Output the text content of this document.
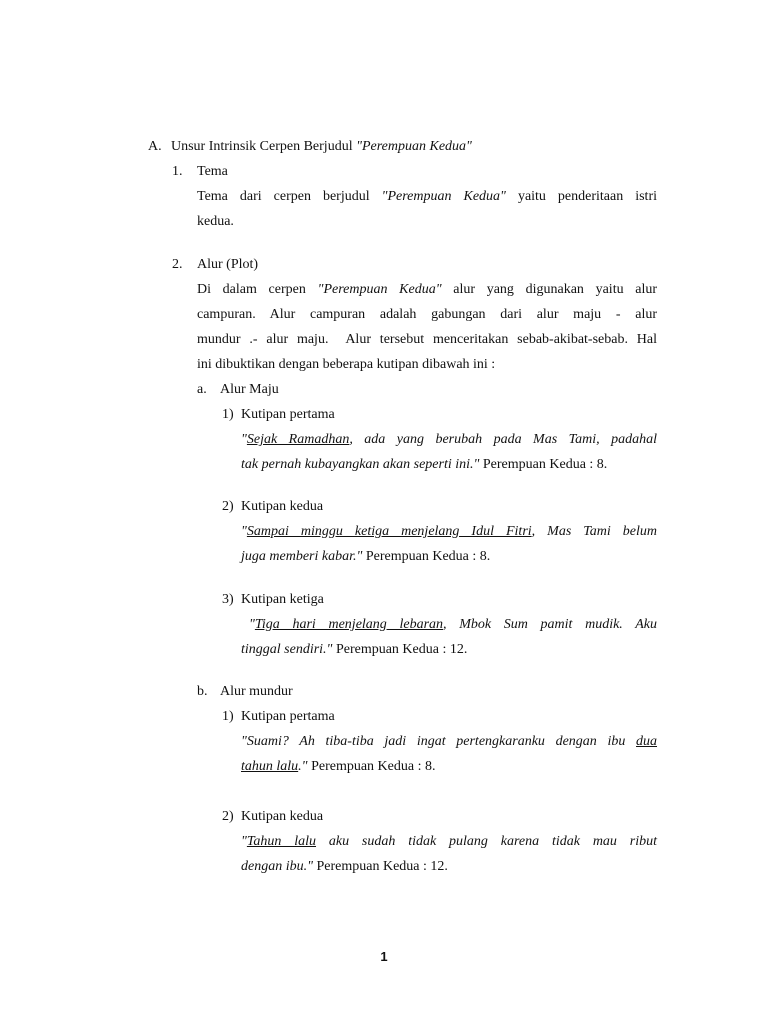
A. Unsur Intrinsik Cerpen Berjudul "Perempuan Kedua"
1. Tema
Tema dari cerpen berjudul "Perempuan Kedua" yaitu penderitaan istri
kedua.
2. Alur (Plot)
Di dalam cerpen "Perempuan Kedua" alur yang digunakan yaitu alur
campuran.  Alur  campuran  adalah  gabungan  dari  alur  maju  -  alur
mundur .- alur maju.  Alur tersebut menceritakan sebab-akibat-sebab. Hal
ini dibuktikan dengan beberapa kutipan dibawah ini :
a. Alur Maju
1) Kutipan pertama
"Sejak Ramadhan, ada yang berubah pada Mas Tami, padahal
tak pernah kubayangkan akan seperti ini." Perempuan Kedua : 8.
2) Kutipan kedua
"Sampai minggu ketiga menjelang Idul Fitri, Mas Tami belum
juga memberi kabar." Perempuan Kedua : 8.
3) Kutipan ketiga
"Tiga hari menjelang lebaran, Mbok Sum pamit mudik. Aku
tinggal sendiri." Perempuan Kedua : 12.
b. Alur mundur
1) Kutipan pertama
"Suami? Ah tiba-tiba jadi ingat pertengkaranku dengan ibu dua
tahun lalu." Perempuan Kedua : 8.
2) Kutipan kedua
"Tahun lalu aku sudah tidak pulang karena tidak mau ribut
dengan ibu." Perempuan Kedua : 12.
1
